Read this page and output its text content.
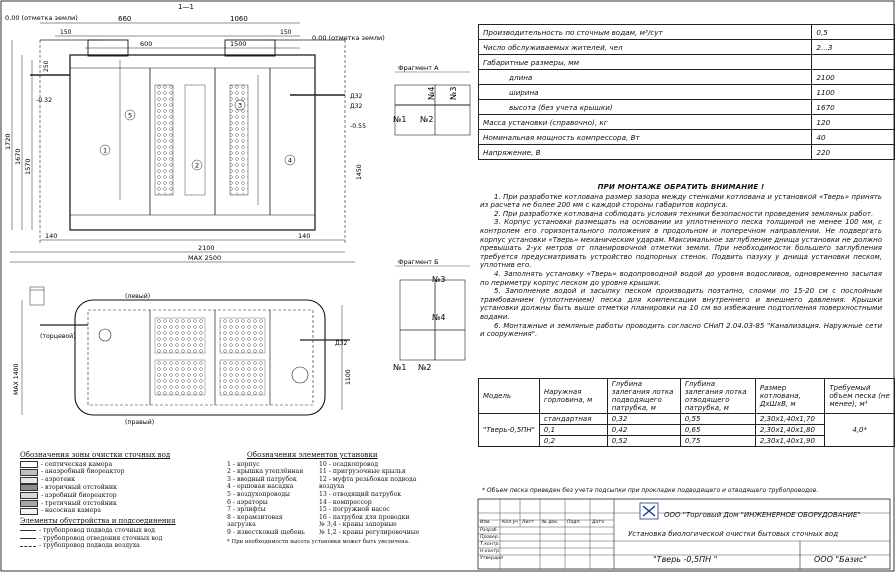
1—1
660	1060
0.00 (отметка земли)
0.00 (отметка земли)
150	150
600	1500
1
2
3
4
5
1720
1670
1570
250
-0.32
-0.55
1450
Д32
Д32
140
2100
140
MAX 2500
Фрагмент А
№4 №3
№1 №2
Фрагмент Б
№3
№4
№1 №2
(левый)
(торцевой)
(правый)
MAX 1400	1100
Д32
Производительность по сточным водам, м³/сут	0,5
Число обслуживаемых жителей, чел	2...3
Габаритные размеры, мм	
длина	2100
ширина	1100
высота (без учета крышки)	1670
Масса установки (справочно), кг	120
Номинальная мощность компрессора, Вт	40
Напряжение, В	220
ПРИ МОНТАЖЕ ОБРАТИТЬ ВНИМАНИЕ !

1. При разработке котлована размер зазора между стенками котлована и установкой «Тверь» принять из расчета не более 200 мм с каждой стороны габаритов корпуса.

2. При разработке котлована соблюдать условия техники безопасности проведения земляных работ.

3. Корпус установки размещать на основании из уплотненного песка толщиной не менее 100 мм, с контролем его горизонтального положения в продольном и поперечном направлении. Не подвергать корпус установки «Тверь» механическим ударам. Максимальное заглубление днища установки не должно превышать 2-ух метров от планировочной отметки земли. При необходимости большего заглубления требуется предусматривать устройство подпорных стенок. Подвить пазуху у днища установки песком, уплотнив его.

4. Заполнять установку «Тверь» водопроводной водой до уровня водосливов, одновременно засыпая по периметру корпус песком до уровня крышки.

5. Заполнение водой и засыпку песком производить поэтапно, слоями по 15-20 см с послойным трамбованием (уплотнением) песка для компенсации внутреннего и внешнего давления. Крышки установки должны быть выше отметки планировки на 10 см во избежание подтопления поверхностными водами.

6. Монтажные и земляные работы проводить согласно СНиП 2.04.03-85 "Канализация. Наружные сети и сооружения".

Модель	Наружная горловина, м	Глубина залегания лотка подводящего патрубка, м	Глубина залегания лотка отводящего патрубка, м	Размер котлована, ДхШхВ, м	Требуемый объем песка (не менее), м³
"Тверь-0,5ПН"	стандартная	0,32	0,55	2,30х1,40х1,70	4,0*
	0,1	0,42	0,65	2,30х1,40х1,80	
	0,2	0,52	0,75	2,30х1,40х1,90	
* Объем песка приведен без учета подсыпки при прокладке подводящего и отводящего трубопроводов.
Обозначения зоны очистки сточных вод
- септическая камера
- анаэробный биореактор
- аэротенк
- вторичный отстойник
- аэробный биореактор
- третичный отстойник
- насосная камера
Элементы обустройства и подсоединения
- трубопровод подвода сточных вод
- трубопровод отведения сточных вод
- трубопровод подвода воздуха
Обозначения элементов установки
1 - корпус
2 - крышка утеплённая
3 - вводный патрубок
4 - ершовая насадка
5 - воздухопроводы
6 - аэраторы
7 - эрлифты
8 - керамзитовая загрузка
9 - известковый щебень
10 - осадкопровод
11 - пригрузочные крылья
12 - муфта резьбовая подвода воздуха
13 - отводящий патрубок
14 - компрессор
15 - погружной насос
16 - патрубок для проводки
№ 3,4 - краны запорные
№ 1,2 - краны регулировочные
* При необходимости высота установки может быть увеличена.
ООО "Торговый Дом "ИНЖЕНЕРНОЕ ОБОРУДОВАНИЕ"
Установка биологической очистки бытовых сточных вод
"Тверь -0,5ПН "	ООО "Базис"
Изм. Кол.уч Лист № док. Подп. Дата
Разраб.
Провер.
Т.контр.
Н.контр.
Утвердил
